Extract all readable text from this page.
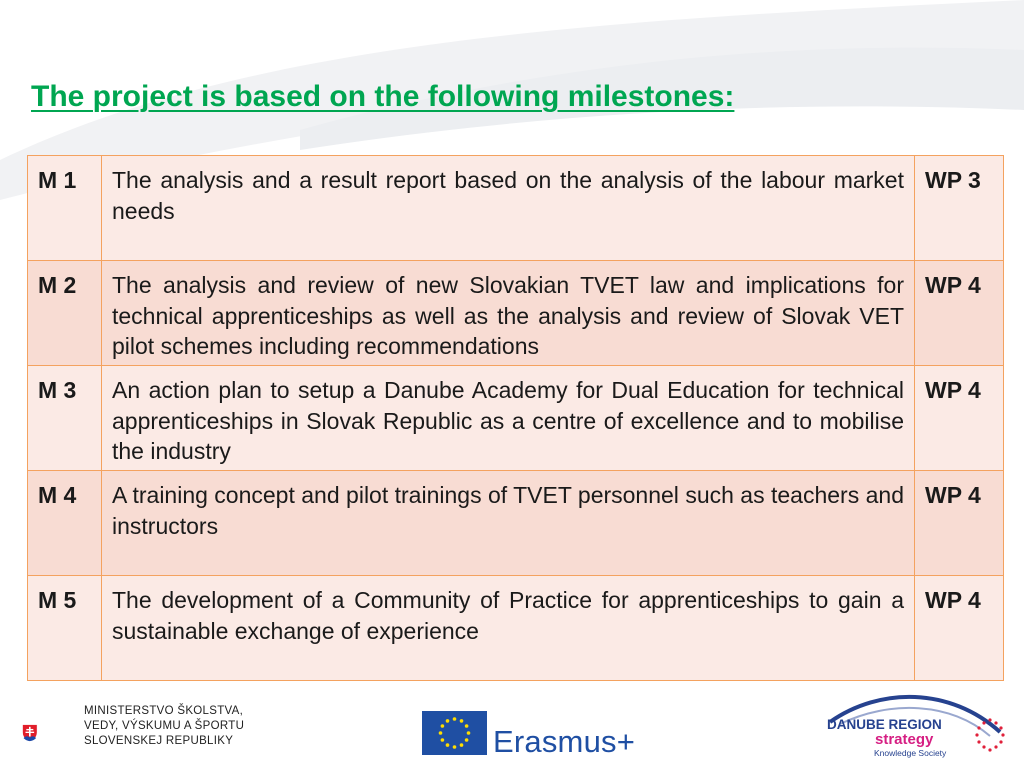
The project is based on the following milestones:
M 1	The analysis and a result report based on the analysis of the labour market needs	WP 3
M 2	The analysis and review of new Slovakian TVET law and implications for technical apprenticeships as well as the analysis and review of Slovak VET pilot schemes including recommendations	WP 4
M 3	An action plan to setup a Danube Academy for Dual Education for technical apprenticeships in Slovak Republic as a centre of excellence and to mobilise the industry	WP 4
M 4	A training concept and pilot trainings of TVET personnel such as teachers and instructors	WP 4
M 5	The development of a Community of Practice for apprenticeships to gain a sustainable exchange of experience	WP 4
MINISTERSTVO ŠKOLSTVA,
VEDY, VÝSKUMU A ŠPORTU
SLOVENSKEJ REPUBLIKY	Erasmus+	DANUBE REGION
strategy
Knowledge Society
